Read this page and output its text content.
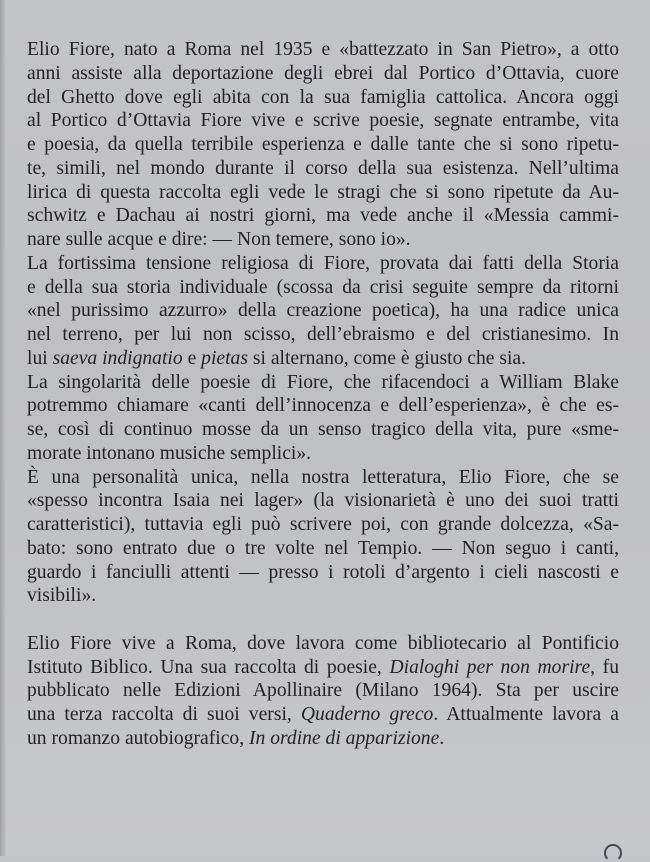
Elio Fiore, nato a Roma nel 1935 e «battezzato in San Pietro», a otto
anni assiste alla deportazione degli ebrei dal Portico d’Ottavia, cuore
del Ghetto dove egli abita con la sua famiglia cattolica. Ancora oggi
al Portico d’Ottavia Fiore vive e scrive poesie, segnate entrambe, vita
e poesia, da quella terribile esperienza e dalle tante che si sono ripetu-
te, simili, nel mondo durante il corso della sua esistenza. Nell’ultima
lirica di questa raccolta egli vede le stragi che si sono ripetute da Au-
schwitz e Dachau ai nostri giorni, ma vede anche il «Messia cammi-
nare sulle acque e dire: — Non temere, sono io».
La fortissima tensione religiosa di Fiore, provata dai fatti della Storia
e della sua storia individuale (scossa da crisi seguite sempre da ritorni
«nel purissimo azzurro» della creazione poetica), ha una radice unica
nel terreno, per lui non scisso, dell’ebraismo e del cristianesimo. In
lui saeva indignatio e pietas si alternano, come è giusto che sia.
La singolarità delle poesie di Fiore, che rifacendoci a William Blake
potremmo chiamare «canti dell’innocenza e dell’esperienza», è che es-
se, così di continuo mosse da un senso tragico della vita, pure «sme-
morate intonano musiche semplici».
È una personalità unica, nella nostra letteratura, Elio Fiore, che se
«spesso incontra Isaia nei lager» (la visionarietà è uno dei suoi tratti
caratteristici), tuttavia egli può scrivere poi, con grande dolcezza, «Sa-
bato: sono entrato due o tre volte nel Tempio. — Non seguo i canti,
guardo i fanciulli attenti — presso i rotoli d’argento i cieli nascosti e
visibili».
Elio Fiore vive a Roma, dove lavora come bibliotecario al Pontificio
Istituto Biblico. Una sua raccolta di poesie, Dialoghi per non morire, fu
pubblicato nelle Edizioni Apollinaire (Milano 1964). Sta per uscire
una terza raccolta di suoi versi, Quaderno greco. Attualmente lavora a
un romanzo autobiografico, In ordine di apparizione.
